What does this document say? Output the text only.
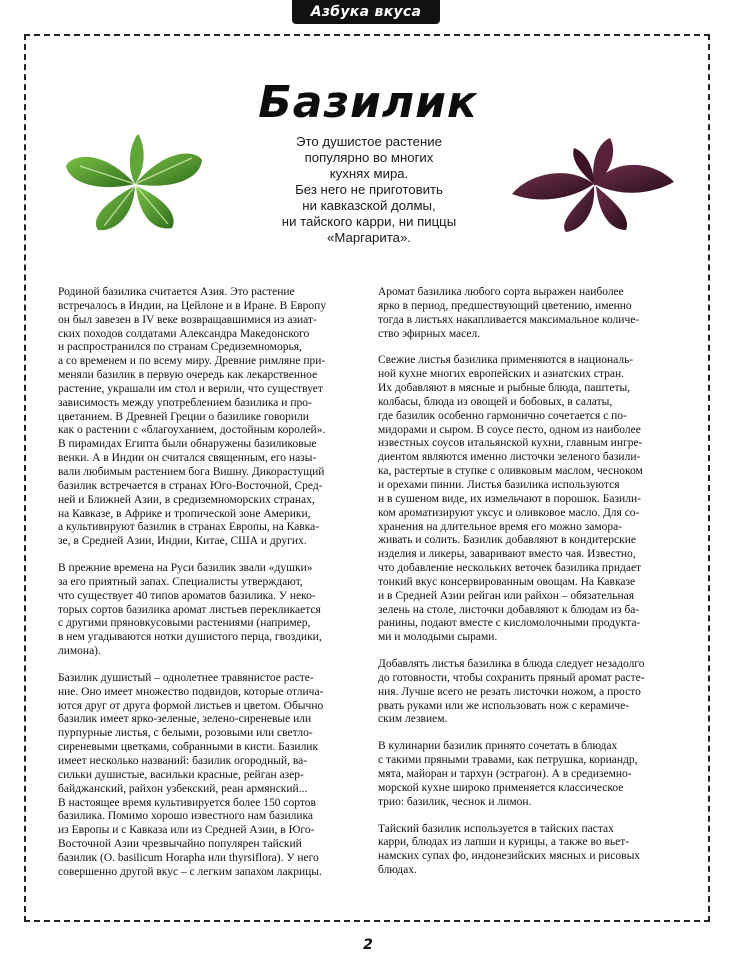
Азбука вкуса
Базилик
Это душистое растение
популярно во многих
кухнях мира.
Без него не приготовить
ни кавказской долмы,
ни тайского карри, ни пиццы
«Маргарита».

Родиной базилика считается Азия. Это растение
встречалось в Индии, на Цейлоне и в Иране. В Европу
он был завезен в IV веке возвращавшимися из азиат-
ских походов солдатами Александра Македонского
и распространился по странам Средиземноморья,
а со временем и по всему миру. Древние римляне при-
меняли базилик в первую очередь как лекарственное
растение, украшали им стол и верили, что существует
зависимость между употреблением базилика и про-
цветанием. В Древней Греции о базилике говорили
как о растении с «благоуханием, достойным королей».
В пирамидах Египта были обнаружены базиликовые
венки. А в Индии он считался священным, его назы-
вали любимым растением бога Вишну. Дикорастущий
базилик встречается в странах Юго-Восточной, Сред-
ней и Ближней Азии, в средиземноморских странах,
на Кавказе, в Африке и тропической зоне Америки,
а культивируют базилик в странах Европы, на Кавка-
зе, в Средней Азии, Индии, Китае, США и других.

В прежние времена на Руси базилик звали «душки»
за его приятный запах. Специалисты утверждают,
что существует 40 типов ароматов базилика. У неко-
торых сортов базилика аромат листьев перекликается
с другими пряновкусовыми растениями (например,
в нем угадываются нотки душистого перца, гвоздики,
лимона).

Базилик душистый – однолетнее травянистое расте-
ние. Оно имеет множество подвидов, которые отлича-
ются друг от друга формой листьев и цветом. Обычно
базилик имеет ярко-зеленые, зелено-сиреневые или
пурпурные листья, с белыми, розовыми или светло-
сиреневыми цветками, собранными в кисти. Базилик
имеет несколько названий: базилик огородный, ва-
сильки душистые, васильки красные, рейган азер-
байджанский, райхон узбекский, реан армянский...
В настоящее время культивируется более 150 сортов
базилика. Помимо хорошо известного нам базилика
из Европы и с Кавказа или из Средней Азии, в Юго-
Восточной Азии чрезвычайно популярен тайский
базилик (O. basilicum Horapha или thyrsiflora). У него
совершенно другой вкус – с легким запахом лакрицы.

Аромат базилика любого сорта выражен наиболее
ярко в период, предшествующий цветению, именно
тогда в листьях накапливается максимальное количе-
ство эфирных масел.

Свежие листья базилика применяются в националь-
ной кухне многих европейских и азиатских стран.
Их добавляют в мясные и рыбные блюда, паштеты,
колбасы, блюда из овощей и бобовых, в салаты,
где базилик особенно гармонично сочетается с по-
мидорами и сыром. В соусе песто, одном из наиболее
известных соусов итальянской кухни, главным ингре-
диентом являются именно листочки зеленого базили-
ка, растертые в ступке с оливковым маслом, чесноком
и орехами пинии. Листья базилика используются
и в сушеном виде, их измельчают в порошок. Базили-
ком ароматизируют уксус и оливковое масло. Для со-
хранения на длительное время его можно заморa-
живать и солить. Базилик добавляют в кондитерские
изделия и ликеры, заваривают вместо чая. Известно,
что добавление нескольких веточек базилика придает
тонкий вкус консервированным овощам. На Кавказе
и в Средней Азии рейган или райхон – обязательная
зелень на столе, листочки добавляют к блюдам из ба-
ранины, подают вместе с кисломолочными продукта-
ми и молодыми сырами.

Добавлять листья базилика в блюда следует незадолго
до готовности, чтобы сохранить пряный аромат расте-
ния. Лучше всего не резать листочки ножом, а просто
рвать руками или же использовать нож с керамиче-
ским лезвием.

В кулинарии базилик принято сочетать в блюдах
с такими пряными травами, как петрушка, кориандр,
мята, майоран и тархун (эстрагон). А в средиземно-
морской кухне широко применяется классическое
трио: базилик, чеснок и лимон.

Тайский базилик используется в тайских пастах
карри, блюдах из лапши и курицы, а также во вьет-
намских супах фо, индонезийских мясных и рисовых
блюдах.

2
